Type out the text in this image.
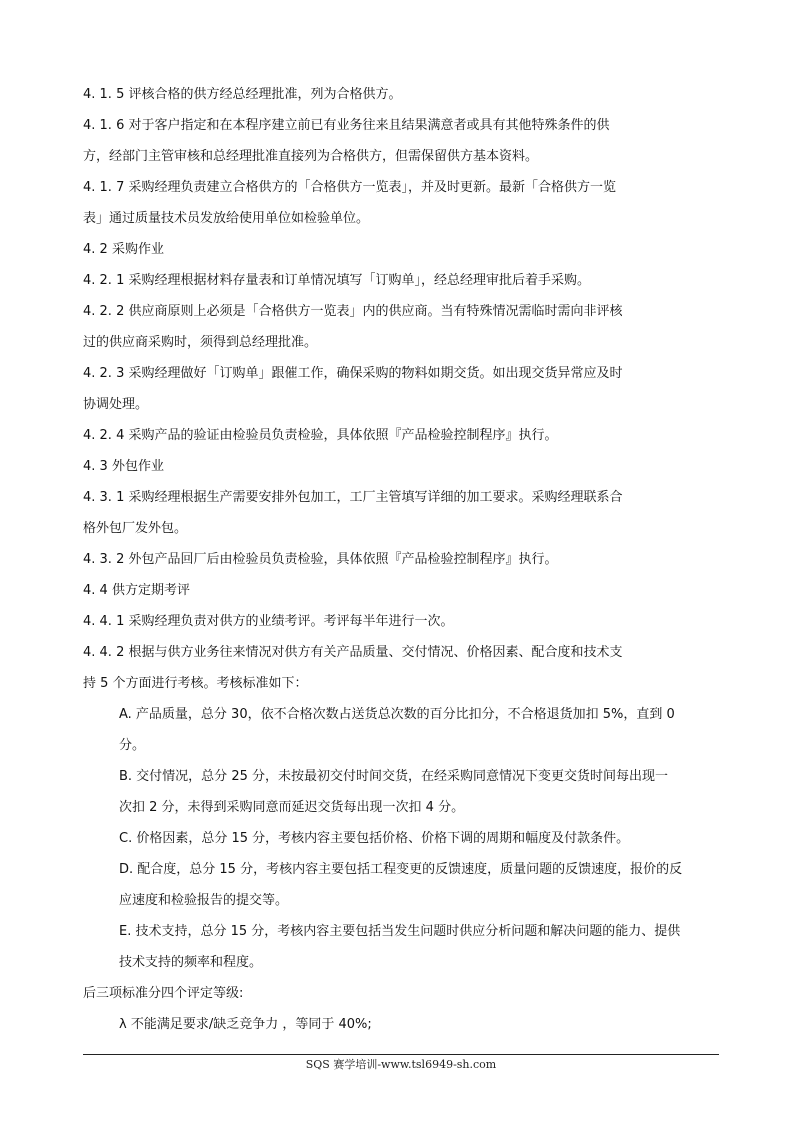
4. 1. 5 评核合格的供方经总经理批准，列为合格供方。
4. 1. 6 对于客户指定和在本程序建立前已有业务往来且结果满意者或具有其他特殊条件的供
方，经部门主管审核和总经理批准直接列为合格供方，但需保留供方基本资料。
4. 1. 7 采购经理负责建立合格供方的「合格供方一览表」，并及时更新。最新「合格供方一览
表」通过质量技术员发放给使用单位如检验单位。
4. 2 采购作业
4. 2. 1 采购经理根据材料存量表和订单情况填写「订购单」，经总经理审批后着手采购。
4. 2. 2 供应商原则上必须是「合格供方一览表」内的供应商。当有特殊情况需临时需向非评核
过的供应商采购时，须得到总经理批准。
4. 2. 3 采购经理做好「订购单」跟催工作，确保采购的物料如期交货。如出现交货异常应及时
协调处理。
4. 2. 4 采购产品的验证由检验员负责检验，具体依照『产品检验控制程序』执行。
4. 3 外包作业
4. 3. 1 采购经理根据生产需要安排外包加工，工厂主管填写详细的加工要求。采购经理联系合
格外包厂发外包。
4. 3. 2 外包产品回厂后由检验员负责检验，具体依照『产品检验控制程序』执行。
4. 4 供方定期考评
4. 4. 1 采购经理负责对供方的业绩考评。考评每半年进行一次。
4. 4. 2 根据与供方业务往来情况对供方有关产品质量、交付情况、价格因素、配合度和技术支
持 5 个方面进行考核。考核标准如下：
A. 产品质量，总分 30，依不合格次数占送货总次数的百分比扣分，不合格退货加扣 5%，直到 0
分。
B. 交付情况，总分 25 分，未按最初交付时间交货，在经采购同意情况下变更交货时间每出现一
次扣 2 分，未得到采购同意而延迟交货每出现一次扣 4 分。
C. 价格因素，总分 15 分，考核内容主要包括价格、价格下调的周期和幅度及付款条件。
D. 配合度，总分 15 分，考核内容主要包括工程变更的反馈速度，质量问题的反馈速度，报价的反
应速度和检验报告的提交等。
E. 技术支持，总分 15 分，考核内容主要包括当发生问题时供应分析问题和解决问题的能力、提供
技术支持的频率和程度。
后三项标准分四个评定等级:
λ 不能满足要求/缺乏竞争力 ，等同于 40%;
SQS 赛学培训-www.tsl6949-sh.com
